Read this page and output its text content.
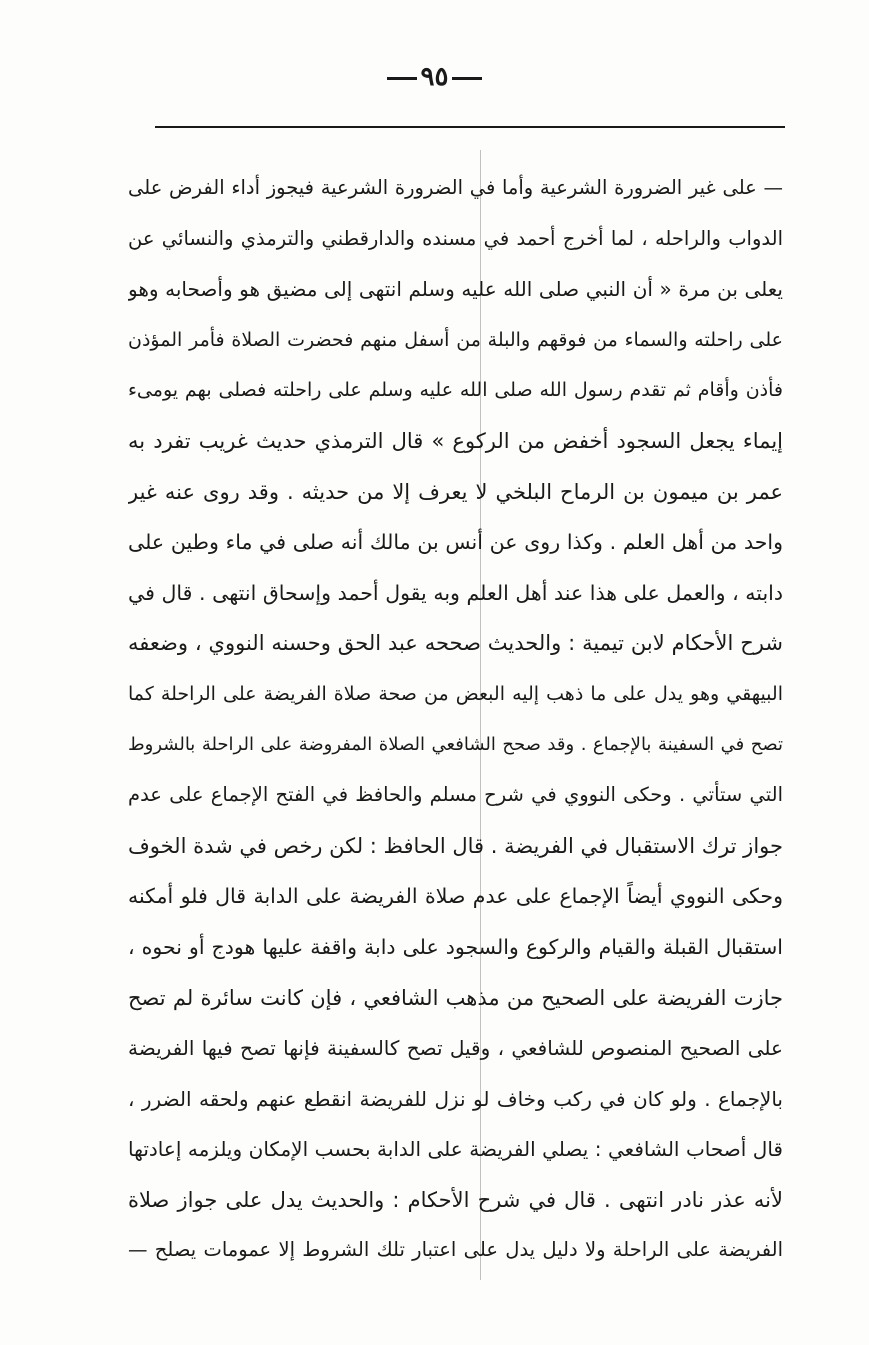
٩٥
— على غير الضرورة الشرعية وأما في الضرورة الشرعية فيجوز أداء الفرض على
الدواب والراحله ، لما أخرج أحمد في مسنده والدارقطني والترمذي والنسائي عن
يعلى بن مرة « أن النبي صلى الله عليه وسلم انتهى إلى مضيق هو وأصحابه وهو
على راحلته والسماء من فوقهم والبلة من أسفل منهم فحضرت الصلاة فأمر المؤذن
فأذن وأقام ثم تقدم رسول الله صلى الله عليه وسلم على راحلته فصلى بهم يومىء
إيماء يجعل السجود أخفض من الركوع » قال الترمذي حديث غريب تفرد به
عمر بن ميمون بن الرماح البلخي لا يعرف إلا من حديثه . وقد روى عنه غير
واحد من أهل العلم . وكذا روى عن أنس بن مالك أنه صلى في ماء وطين على
دابته ، والعمل على هذا عند أهل العلم وبه يقول أحمد وإسحاق انتهى . قال في
شرح الأحكام لابن تيمية : والحديث صححه عبد الحق وحسنه النووي ، وضعفه
البيهقي وهو يدل على ما ذهب إليه البعض من صحة صلاة الفريضة على الراحلة كما
تصح في السفينة بالإجماع . وقد صحح الشافعي الصلاة المفروضة على الراحلة بالشروط
التي ستأتي . وحكى النووي في شرح مسلم والحافظ في الفتح الإجماع على عدم
جواز ترك الاستقبال في الفريضة . قال الحافظ : لكن رخص في شدة الخوف
وحكى النووي أيضاً الإجماع على عدم صلاة الفريضة على الدابة قال فلو أمكنه
استقبال القبلة والقيام والركوع والسجود على دابة واقفة عليها هودج أو نحوه ،
جازت الفريضة على الصحيح من مذهب الشافعي ، فإن كانت سائرة لم تصح
على الصحيح المنصوص للشافعي ، وقيل تصح كالسفينة فإنها تصح فيها الفريضة
بالإجماع . ولو كان في ركب وخاف لو نزل للفريضة انقطع عنهم ولحقه الضرر ،
قال أصحاب الشافعي : يصلي الفريضة على الدابة بحسب الإمكان ويلزمه إعادتها
لأنه عذر نادر انتهى . قال في شرح الأحكام : والحديث يدل على جواز صلاة
الفريضة على الراحلة ولا دليل يدل على اعتبار تلك الشروط إلا عمومات يصلح —
